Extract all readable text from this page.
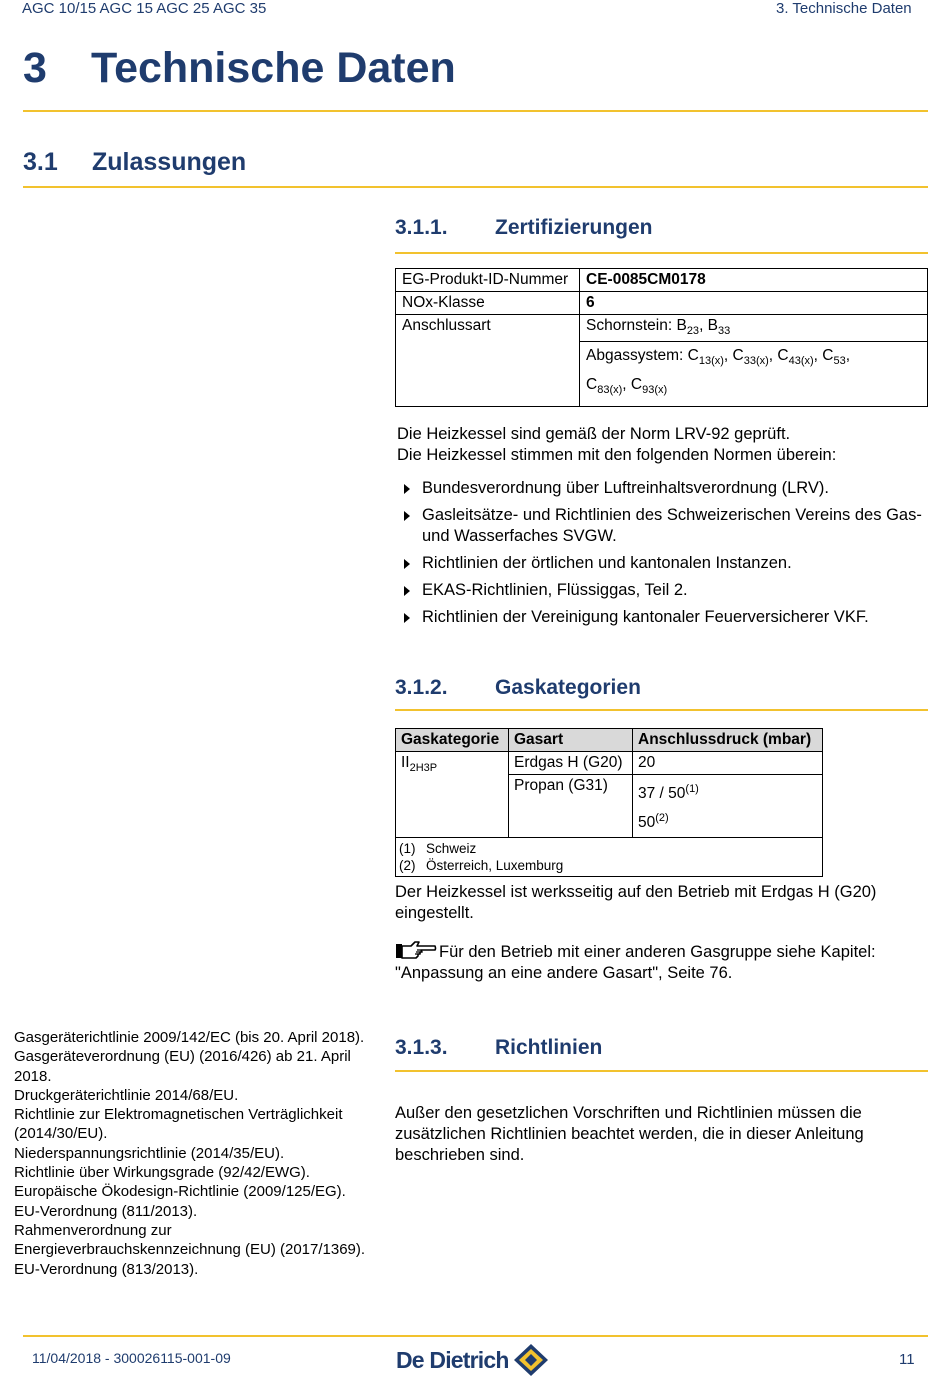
AGC 10/15 AGC 15 AGC 25 AGC 35	3. Technische Daten
3 Technische Daten
3.1 Zulassungen
3.1.1. Zertifizierungen
EG-Produkt-ID-Nummer	CE-0085CM0178
NOx-Klasse	6
Anschlussart	Schornstein: $B_{23}$, $B_{33}$
	Abgassystem: $C_{13(x)}$, $C_{33(x)}$, $C_{43(x)}$, $C_{53}$,
$C_{83(x)}$, $C_{93(x)}$
Die Heizkessel sind gemäß der Norm LRV-92 geprüft.
Die Heizkessel stimmen mit den folgenden Normen überein:
Bundesverordnung über Luftreinhaltsverordnung (LRV).
Gasleitsätze- und Richtlinien des Schweizerischen Vereins des Gas- und Wasserfaches SVGW.
Richtlinien der örtlichen und kantonalen Instanzen.
EKAS-Richtlinien, Flüssiggas, Teil 2.
Richtlinien der Vereinigung kantonaler Feuerversicherer VKF.
3.1.2. Gaskategorien
Gaskategorie	Gasart	Anschlussdruck (mbar)
$II_{2H3P}$	Erdgas H (G20)	20
	Propan (G31)	37 / 50$^{(1)}$
50$^{(2)}$

(1) Schweiz
(2) Österreich, Luxemburg		
Der Heizkessel ist werksseitig auf den Betrieb mit Erdgas H (G20) eingestellt.
Für den Betrieb mit einer anderen Gasgruppe siehe Kapitel: "Anpassung an eine andere Gasart", Seite 76.
Gasgeräterichtlinie 2009/142/EC (bis 20. April 2018).
Gasgeräteverordnung (EU) (2016/426) ab 21. April 2018.
Druckgeräterichtlinie 2014/68/EU.
Richtlinie zur Elektromagnetischen Verträglichkeit (2014/30/EU).
Niederspannungsrichtlinie (2014/35/EU).
Richtlinie über Wirkungsgrade (92/42/EWG).
Europäische Ökodesign-Richtlinie (2009/125/EG).
EU-Verordnung (811/2013).
Rahmenverordnung zur Energieverbrauchskennzeichnung (EU) (2017/1369).
EU-Verordnung (813/2013).
3.1.3. Richtlinien
Außer den gesetzlichen Vorschriften und Richtlinien müssen die zusätzlichen Richtlinien beachtet werden, die in dieser Anleitung beschrieben sind.
11/04/2018 - 300026115-001-09	De Dietrich	11
